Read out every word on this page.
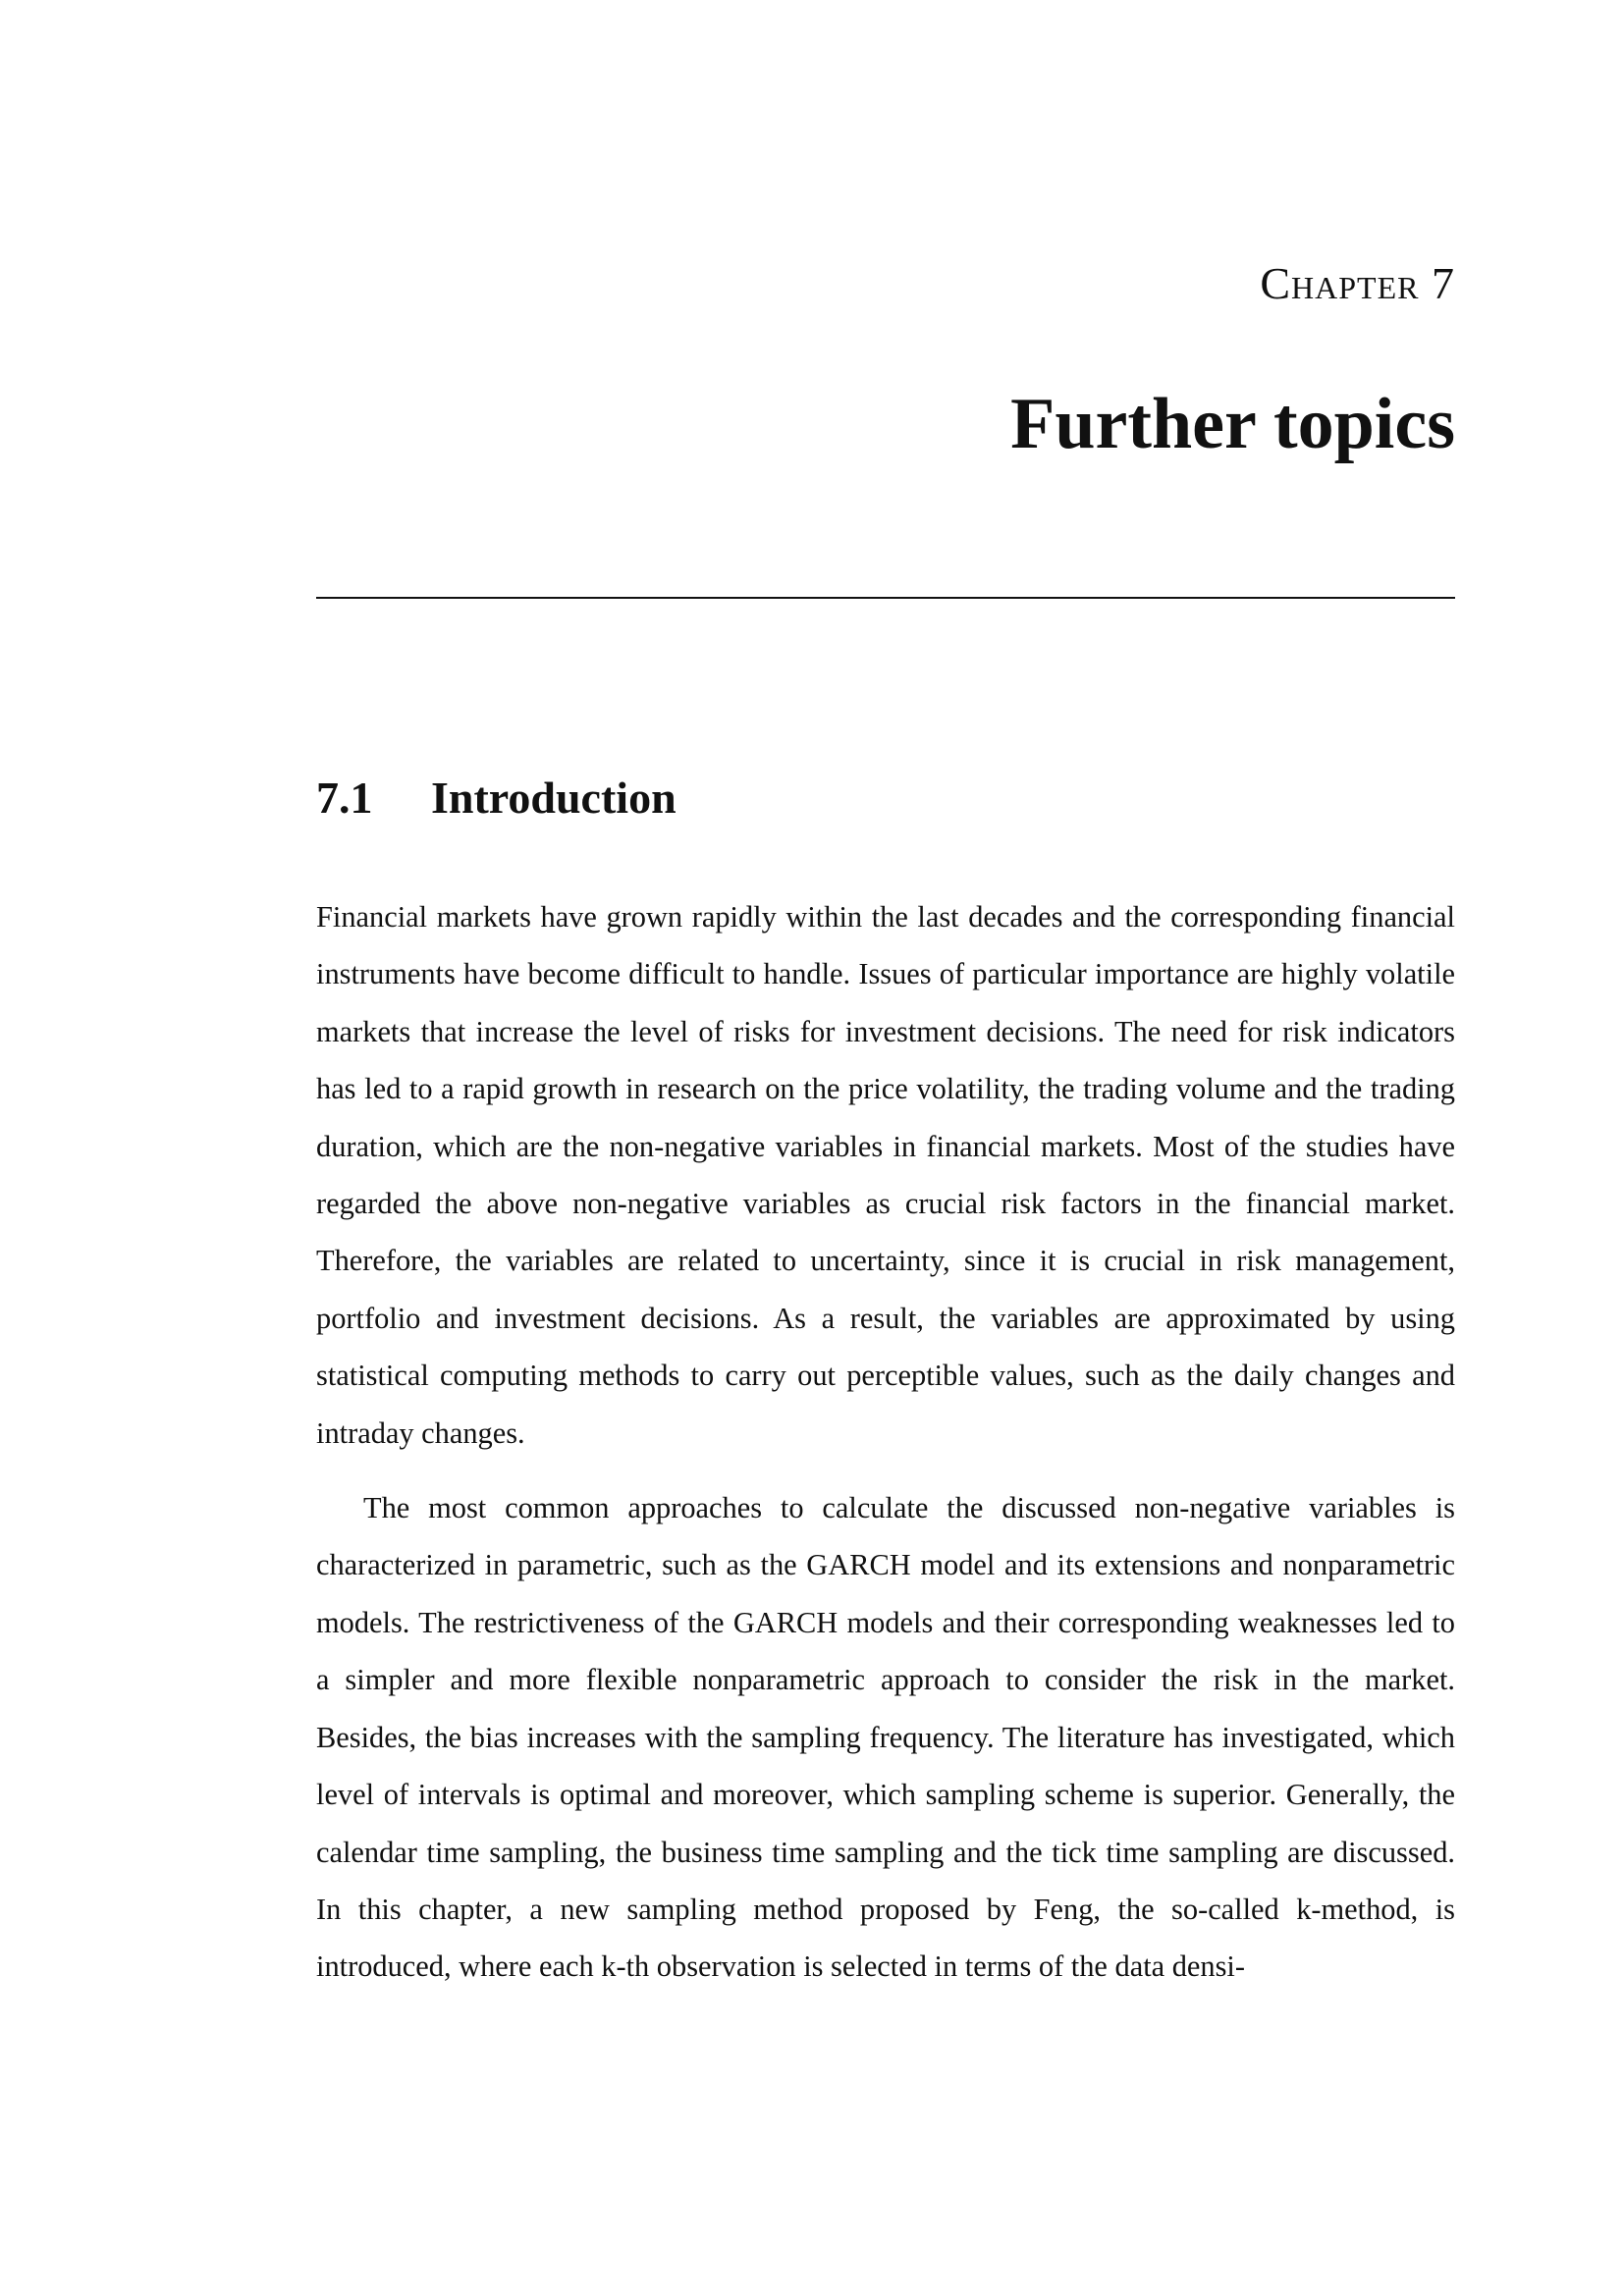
Chapter 7
Further topics
7.1 Introduction

Financial markets have grown rapidly within the last decades and the corresponding financial instruments have become difficult to handle. Issues of particular importance are highly volatile markets that increase the level of risks for investment decisions. The need for risk indicators has led to a rapid growth in research on the price volatility, the trading volume and the trading duration, which are the non-negative variables in financial markets. Most of the studies have regarded the above non-negative variables as crucial risk factors in the financial market. Therefore, the variables are related to uncertainty, since it is crucial in risk management, portfolio and investment decisions. As a result, the variables are approximated by using statistical computing methods to carry out perceptible values, such as the daily changes and intraday changes.

The most common approaches to calculate the discussed non-negative variables is characterized in parametric, such as the GARCH model and its extensions and nonparametric models. The restrictiveness of the GARCH models and their corresponding weaknesses led to a simpler and more flexible nonparametric approach to consider the risk in the market. Besides, the bias increases with the sampling frequency. The literature has investigated, which level of intervals is optimal and moreover, which sampling scheme is superior. Generally, the calendar time sampling, the business time sampling and the tick time sampling are discussed. In this chapter, a new sampling method proposed by Feng, the so-called k-method, is introduced, where each k-th observation is selected in terms of the data densi-
